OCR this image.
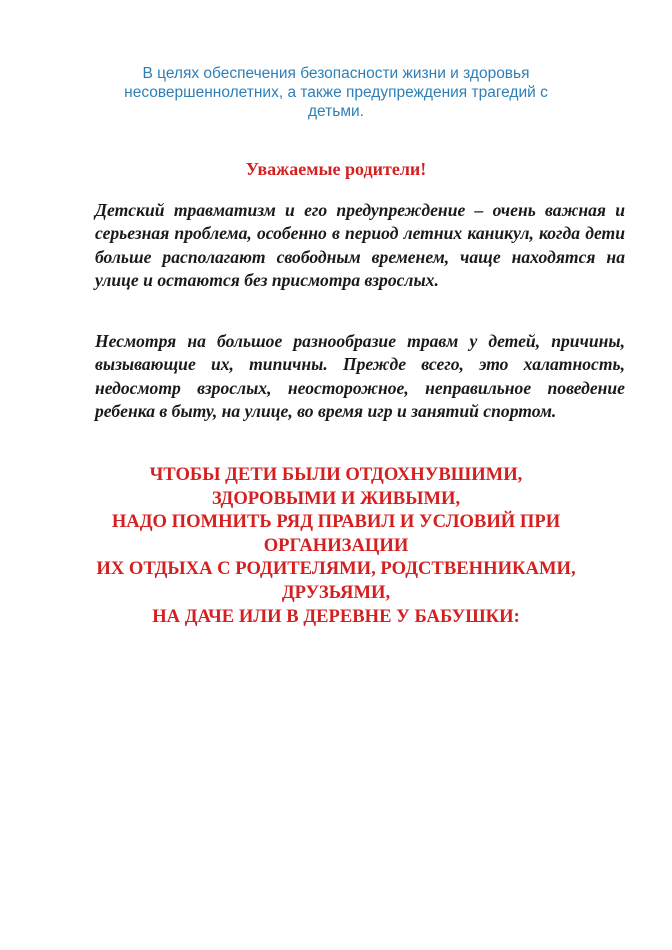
В целях обеспечения безопасности жизни и здоровья
несовершеннолетних, а также предупреждения трагедий с
детьми.
Уважаемые родители!

Детский травматизм и его предупреждение – очень важная и серьезная проблема, особенно в период летних каникул, когда дети больше располагают свободным временем, чаще находятся на улице и остаются без присмотра взрослых.

Несмотря на большое разнообразие травм у детей, причины, вызывающие их, типичны. Прежде всего, это халатность, недосмотр взрослых, неосторожное, неправильное поведение ребенка в быту, на улице, во время игр и занятий спортом.

ЧТОБЫ ДЕТИ БЫЛИ ОТДОХНУВШИМИ,
ЗДОРОВЫМИ И ЖИВЫМИ,
НАДО ПОМНИТЬ РЯД ПРАВИЛ И УСЛОВИЙ ПРИ ОРГАНИЗАЦИИ
ИХ ОТДЫХА С РОДИТЕЛЯМИ, РОДСТВЕННИКАМИ, ДРУЗЬЯМИ,
НА ДАЧЕ ИЛИ В ДЕРЕВНЕ У БАБУШКИ:
